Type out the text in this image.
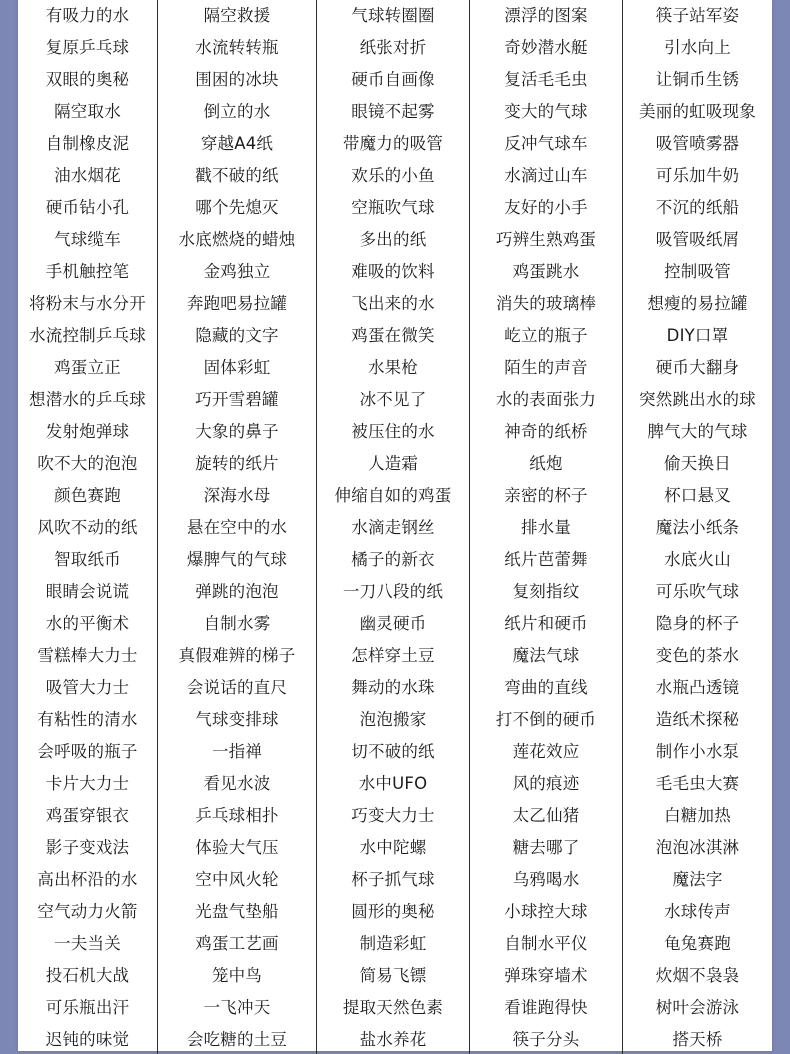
有吸力的水	隔空救援	气球转圈圈	漂浮的图案	筷子站军姿
复原乒乓球	水流转转瓶	纸张对折	奇妙潜水艇	引水向上
双眼的奥秘	围困的冰块	硬币自画像	复活毛毛虫	让铜币生锈
隔空取水	倒立的水	眼镜不起雾	变大的气球	美丽的虹吸现象
自制橡皮泥	穿越A4纸	带魔力的吸管	反冲气球车	吸管喷雾器
油水烟花	戳不破的纸	欢乐的小鱼	水滴过山车	可乐加牛奶
硬币钻小孔	哪个先熄灭	空瓶吹气球	友好的小手	不沉的纸船
气球缆车	水底燃烧的蜡烛	多出的纸	巧辨生熟鸡蛋	吸管吸纸屑
手机触控笔	金鸡独立	难吸的饮料	鸡蛋跳水	控制吸管
将粉末与水分开	奔跑吧易拉罐	飞出来的水	消失的玻璃棒	想瘦的易拉罐
水流控制乒乓球	隐藏的文字	鸡蛋在微笑	屹立的瓶子	DIY口罩
鸡蛋立正	固体彩虹	水果枪	陌生的声音	硬币大翻身
想潜水的乒乓球	巧开雪碧罐	冰不见了	水的表面张力	突然跳出水的球
发射炮弹球	大象的鼻子	被压住的水	神奇的纸桥	脾气大的气球
吹不大的泡泡	旋转的纸片	人造霜	纸炮	偷天换日
颜色赛跑	深海水母	伸缩自如的鸡蛋	亲密的杯子	杯口悬叉
风吹不动的纸	悬在空中的水	水滴走钢丝	排水量	魔法小纸条
智取纸币	爆脾气的气球	橘子的新衣	纸片芭蕾舞	水底火山
眼睛会说谎	弹跳的泡泡	一刀八段的纸	复刻指纹	可乐吹气球
水的平衡术	自制水雾	幽灵硬币	纸片和硬币	隐身的杯子
雪糕棒大力士	真假难辨的梯子	怎样穿土豆	魔法气球	变色的茶水
吸管大力士	会说话的直尺	舞动的水珠	弯曲的直线	水瓶凸透镜
有粘性的清水	气球变排球	泡泡搬家	打不倒的硬币	造纸术探秘
会呼吸的瓶子	一指禅	切不破的纸	莲花效应	制作小水泵
卡片大力士	看见水波	水中UFO	风的痕迹	毛毛虫大赛
鸡蛋穿银衣	乒乓球相扑	巧变大力士	太乙仙猪	白糖加热
影子变戏法	体验大气压	水中陀螺	糖去哪了	泡泡冰淇淋
高出杯沿的水	空中风火轮	杯子抓气球	乌鸦喝水	魔法字
空气动力火箭	光盘气垫船	圆形的奥秘	小球控大球	水球传声
一夫当关	鸡蛋工艺画	制造彩虹	自制水平仪	龟兔赛跑
投石机大战	笼中鸟	简易飞镖	弹珠穿墙术	炊烟不袅袅
可乐瓶出汗	一飞冲天	提取天然色素	看谁跑得快	树叶会游泳
迟钝的味觉	会吃糖的土豆	盐水养花	筷子分头	搭天桥
